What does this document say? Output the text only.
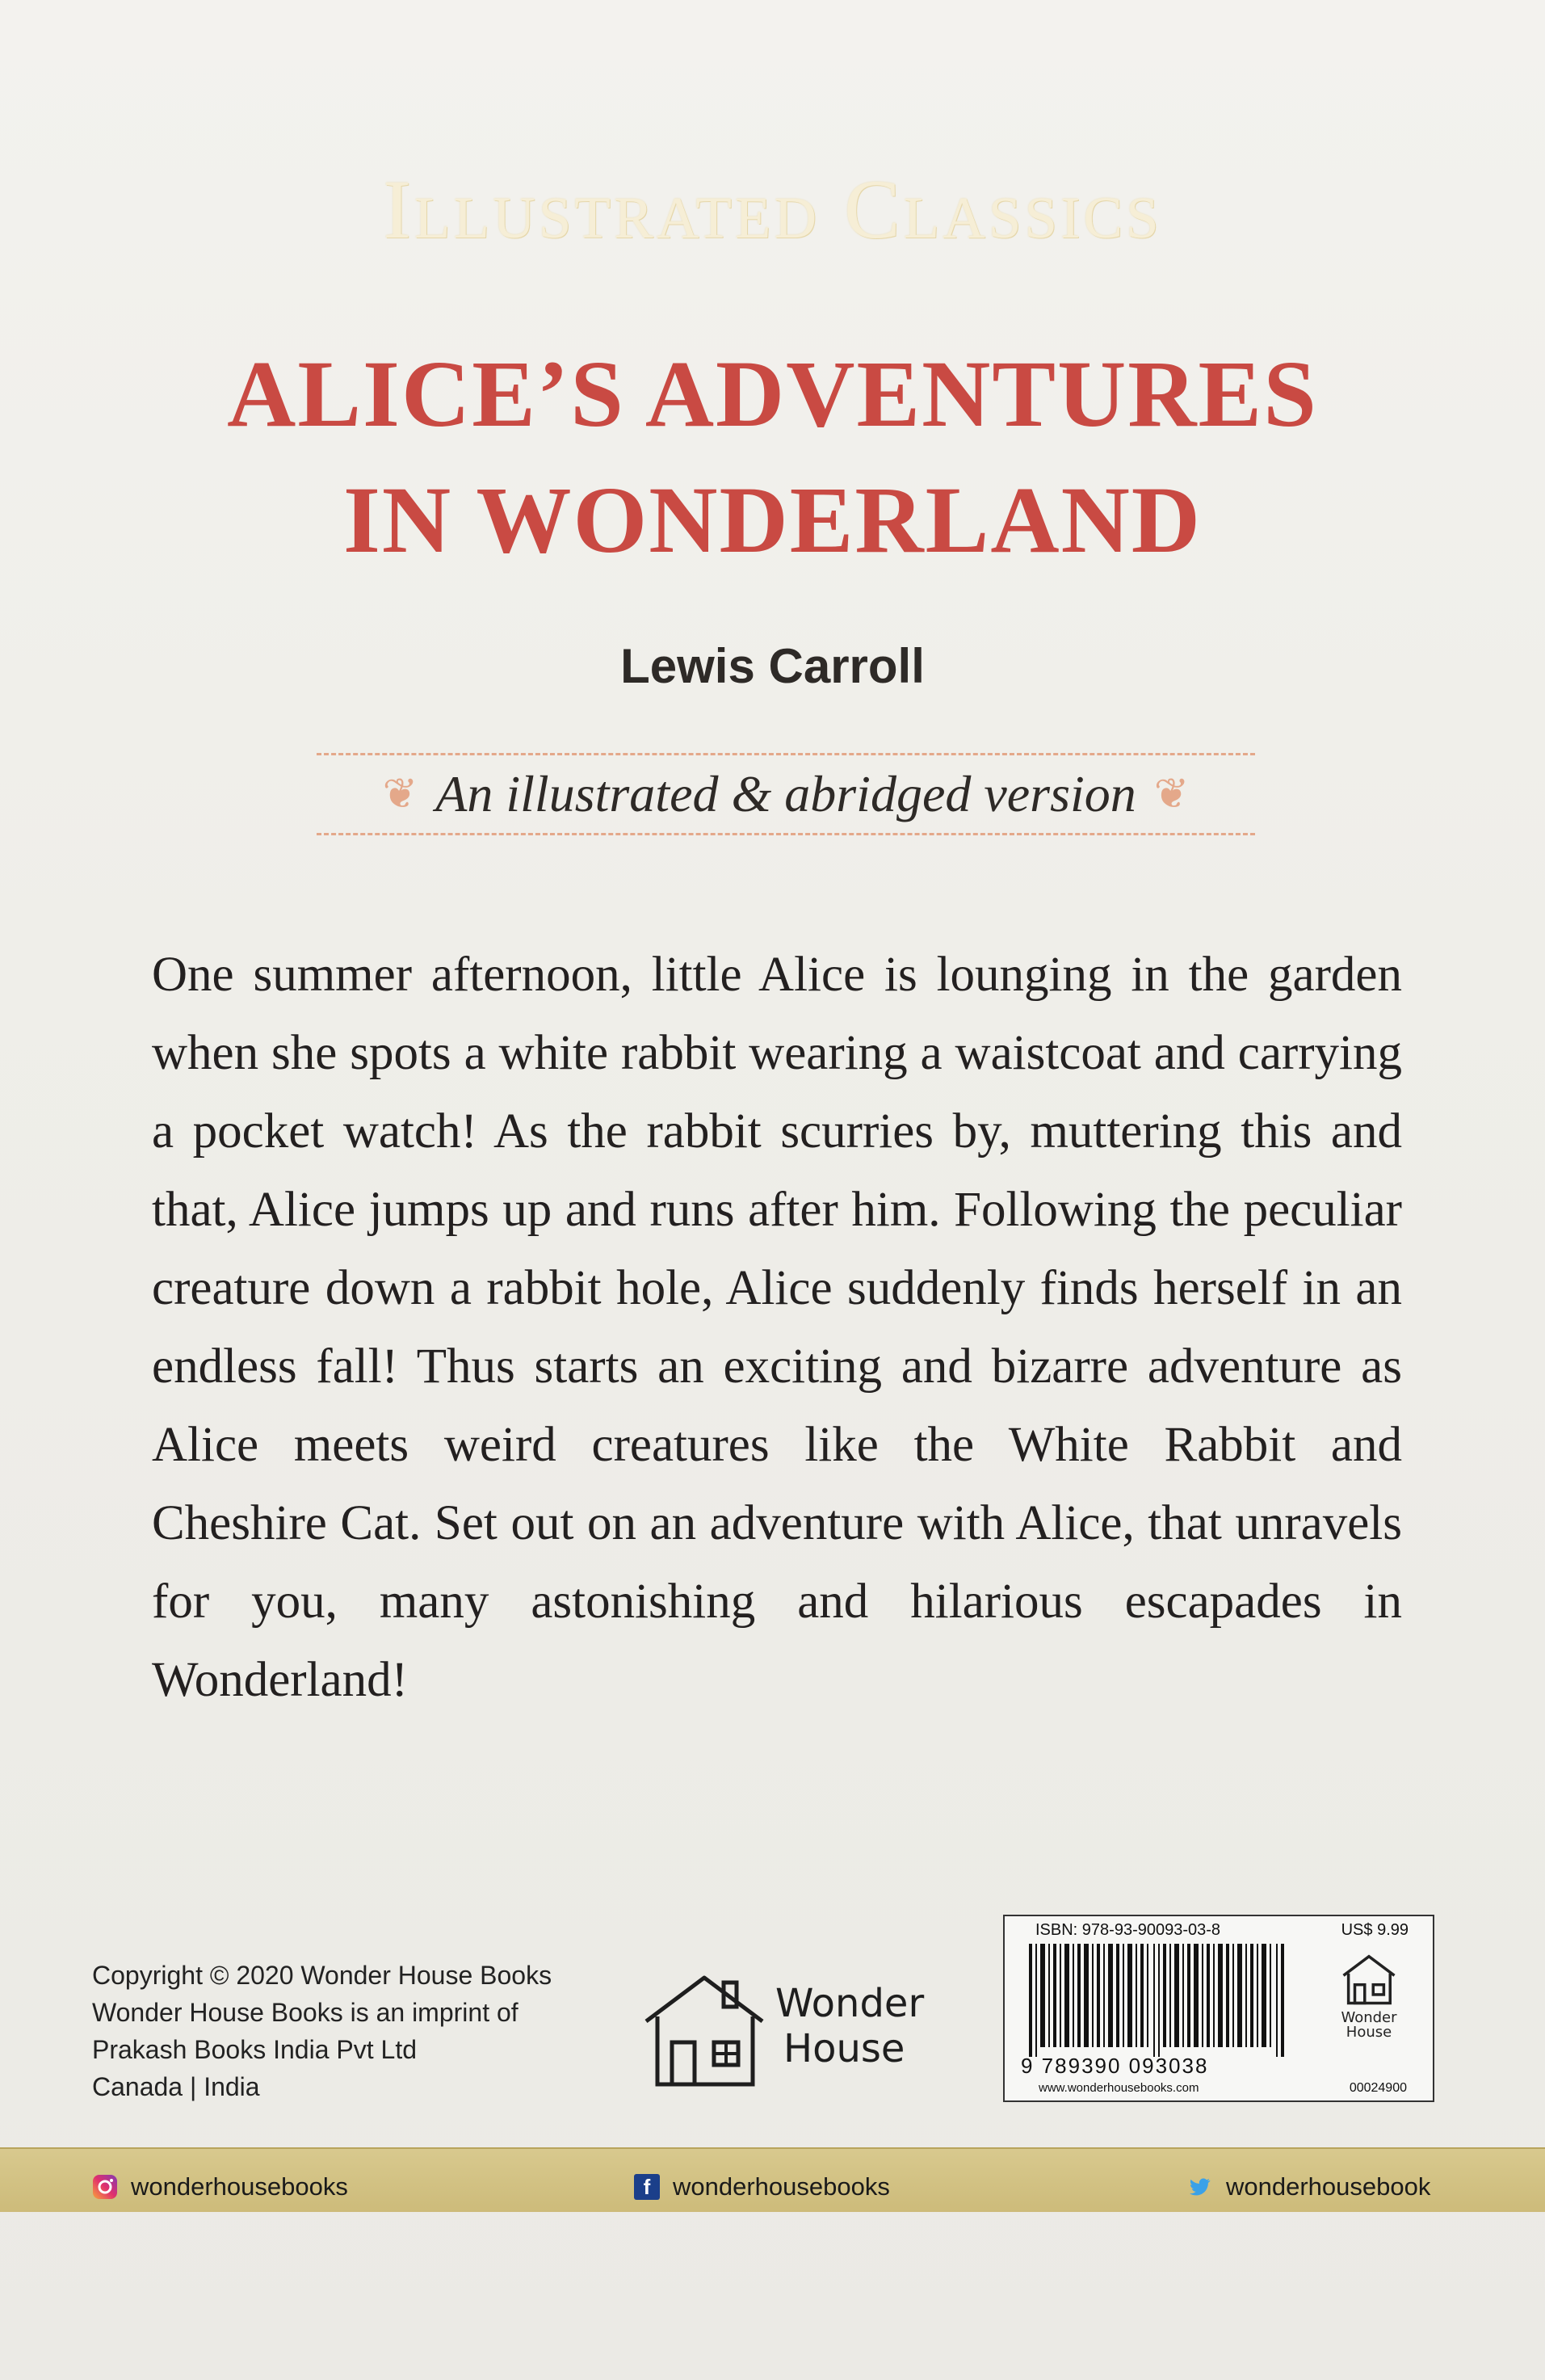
Illustrated Classics
ALICE’S ADVENTURES
IN WONDERLAND
Lewis Carroll
❦ An illustrated & abridged version ❦
One summer afternoon, little Alice is lounging in the garden when she spots a white rabbit wearing a waistcoat and carrying a pocket watch! As the rabbit scurries by, muttering this and that, Alice jumps up and runs after him. Following the peculiar creature down a rabbit hole, Alice suddenly finds herself in an endless fall! Thus starts an exciting and bizarre adventure as Alice meets weird creatures like the White Rabbit and Cheshire Cat. Set out on an adventure with Alice, that unravels for you, many astonishing and hilarious escapades in Wonderland!
Copyright © 2020 Wonder House Books
Wonder House Books is an imprint of
Prakash Books India Pvt Ltd
Canada | India
Wonder
House
ISBN: 978-93-90093-03-8	US$ 9.99
9 789390 093038
www.wonderhousebooks.com	00024900
Wonder
House
wonderhousebooks	f wonderhousebooks	wonderhousebook
